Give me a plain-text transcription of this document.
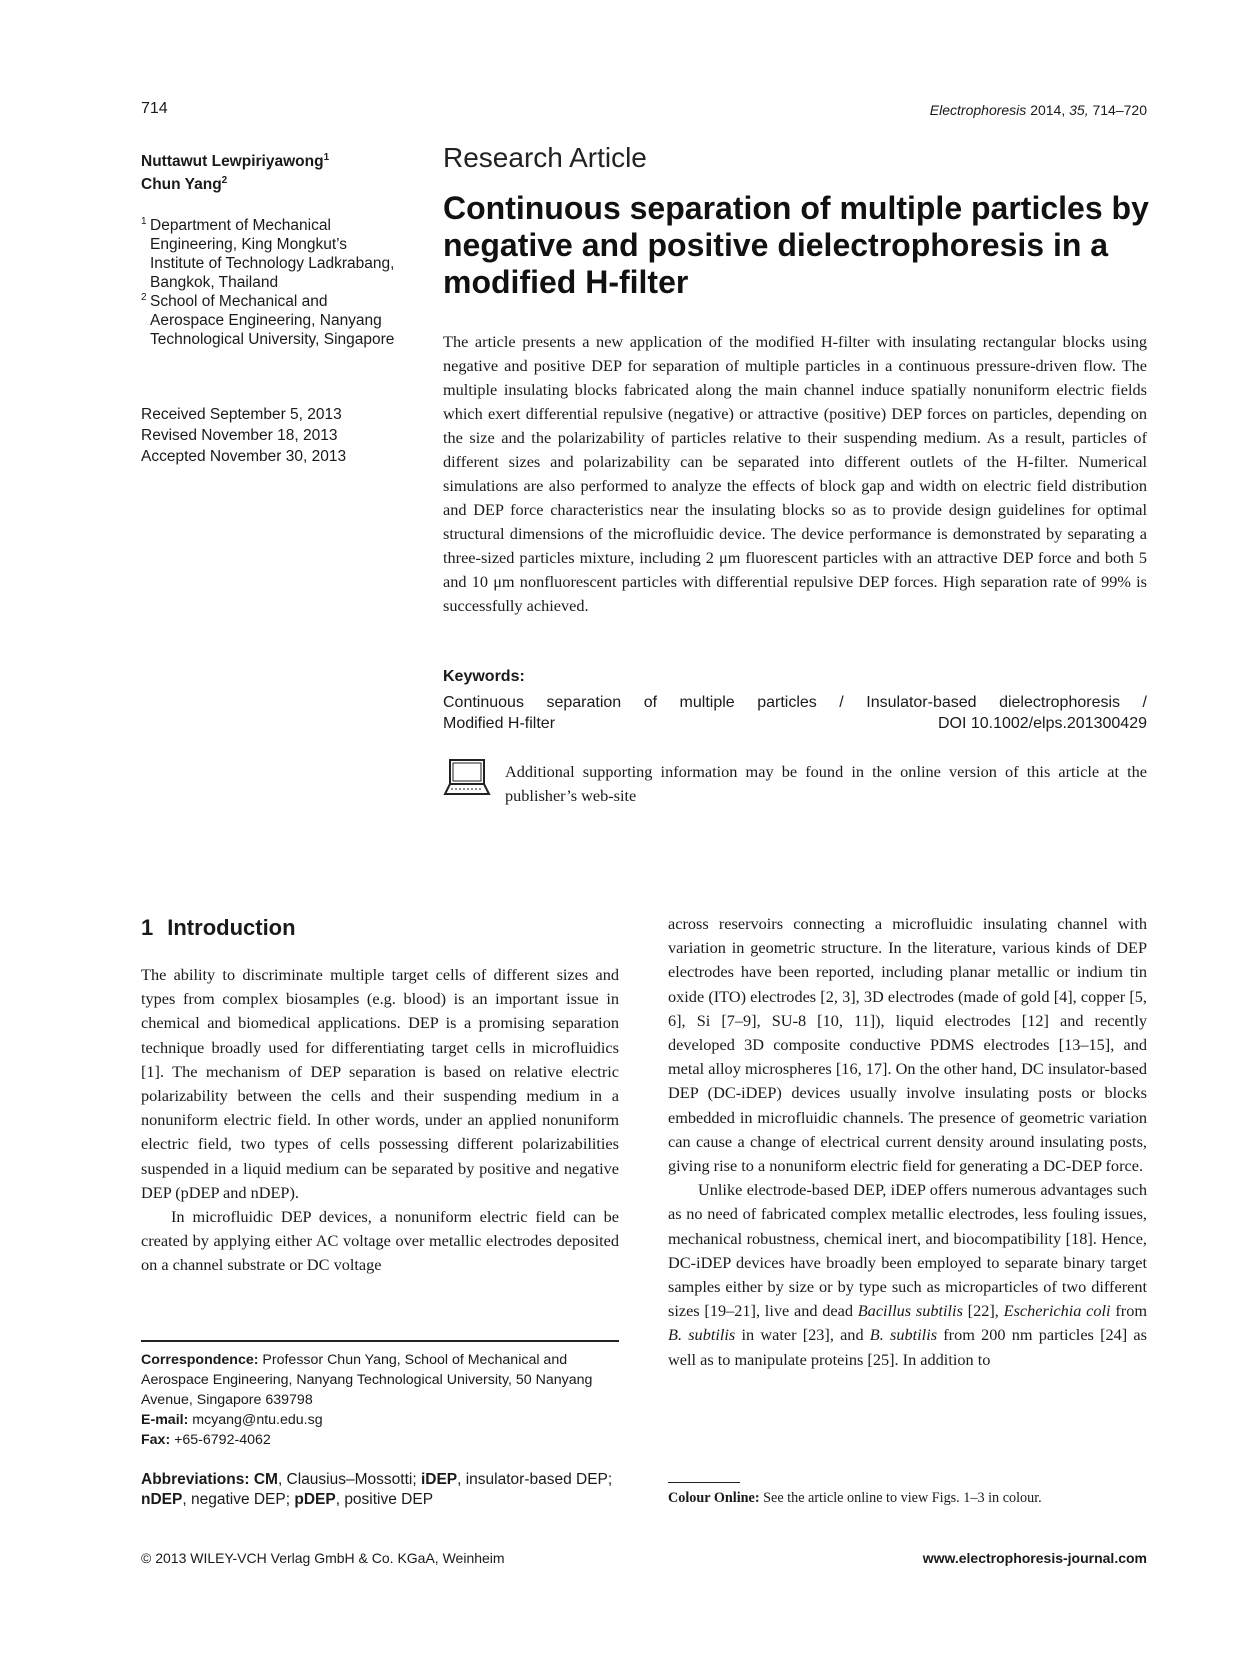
714	Electrophoresis 2014, 35, 714–720
Nuttawut Lewpiriyawong$^1$
Chun Yang$^2$
1 Department of Mechanical Engineering, King Mongkut’s Institute of Technology Ladkrabang, Bangkok, Thailand
2 School of Mechanical and Aerospace Engineering, Nanyang Technological University, Singapore
Received September 5, 2013
Revised November 18, 2013
Accepted November 30, 2013
Research Article
Continuous separation of multiple particles by negative and positive dielectrophoresis in a modified H-filter
The article presents a new application of the modified H-filter with insulating rectangular blocks using negative and positive DEP for separation of multiple particles in a continuous pressure-driven flow. The multiple insulating blocks fabricated along the main channel induce spatially nonuniform electric fields which exert differential repulsive (negative) or attractive (positive) DEP forces on particles, depending on the size and the polarizability of particles relative to their suspending medium. As a result, particles of different sizes and polarizability can be separated into different outlets of the H-filter. Numerical simulations are also performed to analyze the effects of block gap and width on electric field distribution and DEP force characteristics near the insulating blocks so as to provide design guidelines for optimal structural dimensions of the microfluidic device. The device performance is demonstrated by separating a three-sized particles mixture, including 2 μm fluorescent particles with an attractive DEP force and both 5 and 10 μm nonfluorescent particles with differential repulsive DEP forces. High separation rate of 99% is successfully achieved.
Keywords:
Continuous separation of multiple particles / Insulator-based dielectrophoresis /
Modified H-filter	DOI 10.1002/elps.201300429
Additional supporting information may be found in the online version of this article at the publisher’s web-site
1 Introduction

The ability to discriminate multiple target cells of different sizes and types from complex biosamples (e.g. blood) is an important issue in chemical and biomedical applications. DEP is a promising separation technique broadly used for differentiating target cells in microfluidics [1]. The mechanism of DEP separation is based on relative electric polarizability between the cells and their suspending medium in a nonuniform electric field. In other words, under an applied nonuniform electric field, two types of cells possessing different polarizabilities suspended in a liquid medium can be separated by positive and negative DEP (pDEP and nDEP).

In microfluidic DEP devices, a nonuniform electric field can be created by applying either AC voltage over metallic electrodes deposited on a channel substrate or DC voltage

across reservoirs connecting a microfluidic insulating channel with variation in geometric structure. In the literature, various kinds of DEP electrodes have been reported, including planar metallic or indium tin oxide (ITO) electrodes [2, 3], 3D electrodes (made of gold [4], copper [5, 6], Si [7–9], SU-8 [10, 11]), liquid electrodes [12] and recently developed 3D composite conductive PDMS electrodes [13–15], and metal alloy microspheres [16, 17]. On the other hand, DC insulator-based DEP (DC-iDEP) devices usually involve insulating posts or blocks embedded in microfluidic channels. The presence of geometric variation can cause a change of electrical current density around insulating posts, giving rise to a nonuniform electric field for generating a DC-DEP force.

Unlike electrode-based DEP, iDEP offers numerous advantages such as no need of fabricated complex metallic electrodes, less fouling issues, mechanical robustness, chemical inert, and biocompatibility [18]. Hence, DC-iDEP devices have broadly been employed to separate binary target samples either by size or by type such as microparticles of two different sizes [19–21], live and dead Bacillus subtilis [22], Escherichia coli from B. subtilis in water [23], and B. subtilis from 200 nm particles [24] as well as to manipulate proteins [25]. In addition to

Correspondence: Professor Chun Yang, School of Mechanical and Aerospace Engineering, Nanyang Technological University, 50 Nanyang Avenue, Singapore 639798
E-mail: mcyang@ntu.edu.sg
Fax: +65-6792-4062
Abbreviations: CM, Clausius–Mossotti; iDEP, insulator-based DEP; nDEP, negative DEP; pDEP, positive DEP	Colour Online: See the article online to view Figs. 1–3 in colour.
© 2013 WILEY-VCH Verlag GmbH & Co. KGaA, Weinheim	www.electrophoresis-journal.com
